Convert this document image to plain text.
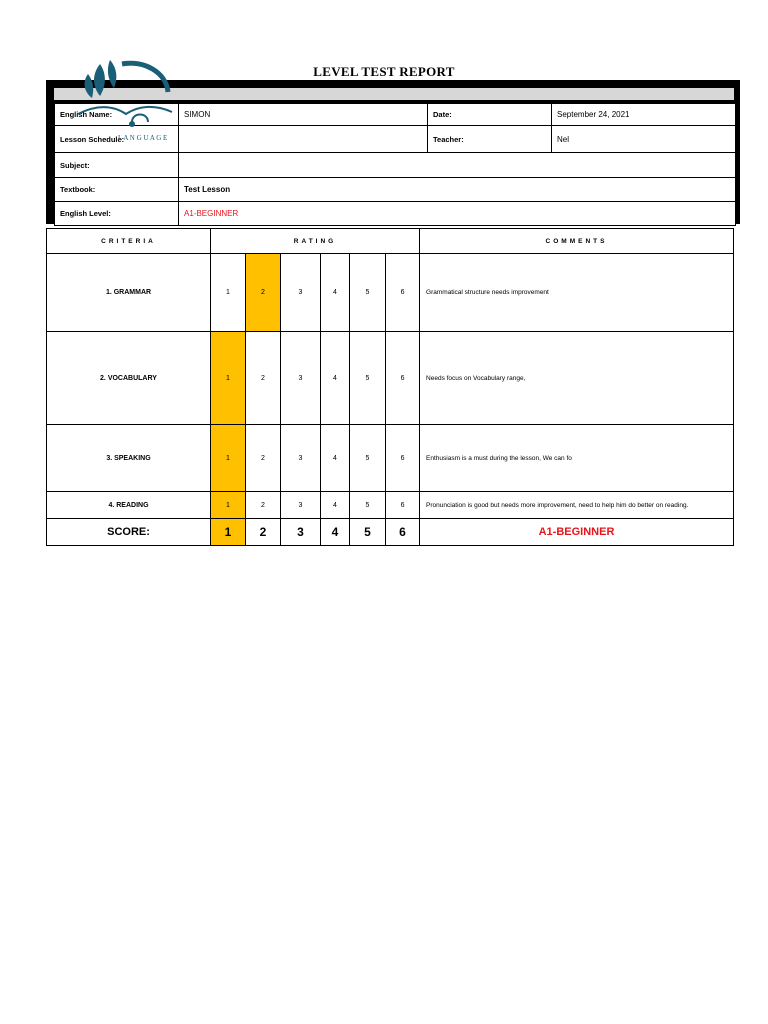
LEVEL TEST REPORT
English Name:	SIMON	Date:	September 24, 2021
Lesson Schedule:		Teacher:	Nel
Subject:			
Textbook:	Test Lesson		
English Level:	A1-BEGINNER		
L A N G U A G E
CRITERIA	RATING						COMMENTS
1. GRAMMAR	1	2	3	4	5	6	Grammatical structure needs improvement
2. VOCABULARY	1	2	3	4	5	6	Needs focus on Vocabulary range,
3. SPEAKING	1	2	3	4	5	6	Enthusiasm is a must during the lesson, We can fo
4. READING	1	2	3	4	5	6	Pronunciation is good but needs more improvement, need to help him do better on reading.
SCORE:	1	2	3	4	5	6	A1-BEGINNER
